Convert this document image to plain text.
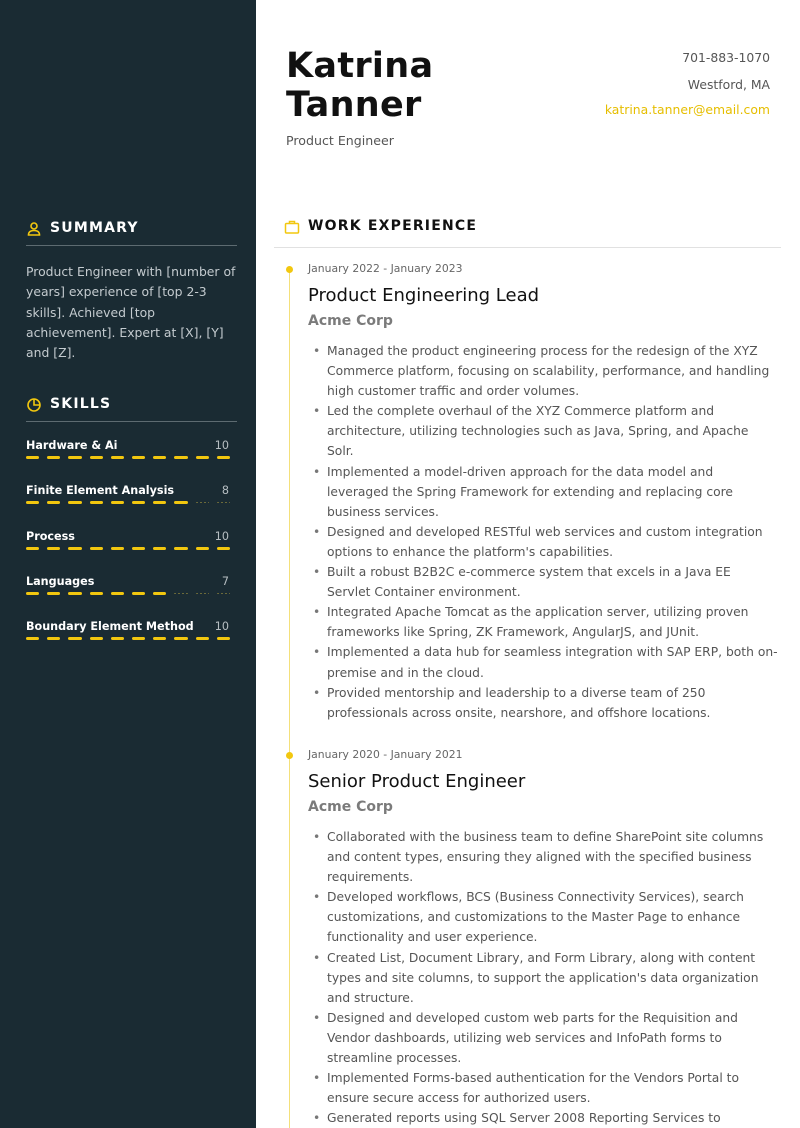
SUMMARY
Product Engineer with [number of years] experience of [top 2-3 skills]. Achieved [top achievement]. Expert at [X], [Y] and [Z].
SKILLS
Hardware & Ai	10
Finite Element Analysis	8
Process	10
Languages	7
Boundary Element Method 10
Katrina
Tanner
Product Engineer
701-883-1070
Westford, MA
katrina.tanner@email.com
WORK EXPERIENCE
January 2022 - January 2023
Product Engineering Lead
Acme Corp
• Managed the product engineering process for the redesign of the XYZ Commerce platform, focusing on scalability, performance, and handling high customer traffic and order volumes.
• Led the complete overhaul of the XYZ Commerce platform and architecture, utilizing technologies such as Java, Spring, and Apache Solr.
• Implemented a model-driven approach for the data model and leveraged the Spring Framework for extending and replacing core business services.
• Designed and developed RESTful web services and custom integration options to enhance the platform's capabilities.
• Built a robust B2B2C e-commerce system that excels in a Java EE Servlet Container environment.
• Integrated Apache Tomcat as the application server, utilizing proven frameworks like Spring, ZK Framework, AngularJS, and JUnit.
• Implemented a data hub for seamless integration with SAP ERP, both on-premise and in the cloud.
• Provided mentorship and leadership to a diverse team of 250 professionals across onsite, nearshore, and offshore locations.
January 2020 - January 2021
Senior Product Engineer
Acme Corp
• Collaborated with the business team to define SharePoint site columns and content types, ensuring they aligned with the specified business requirements.
• Developed workflows, BCS (Business Connectivity Services), search customizations, and customizations to the Master Page to enhance functionality and user experience.
• Created List, Document Library, and Form Library, along with content types and site columns, to support the application's data organization and structure.
• Designed and developed custom web parts for the Requisition and Vendor dashboards, utilizing web services and InfoPath forms to streamline processes.
• Implemented Forms-based authentication for the Vendors Portal to ensure secure access for authorized users.
• Generated reports using SQL Server 2008 Reporting Services to
